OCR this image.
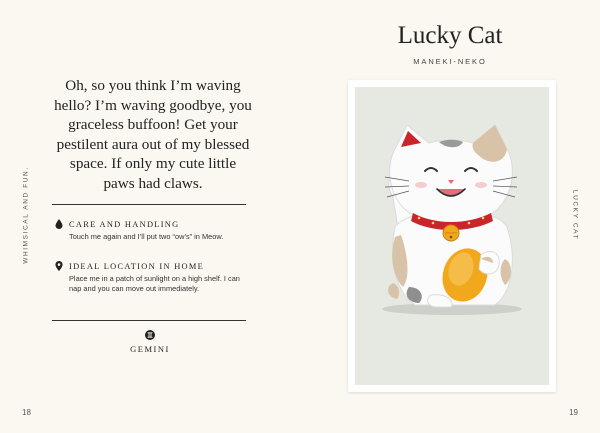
WHIMSICAL AND FUN.
Oh, so you think I’m waving hello? I’m waving goodbye, you graceless buffoon! Get your pestilent aura out of my blessed space. If only my cute little paws had claws.
CARE AND HANDLING
Touch me again and I’ll put two “ow’s” in Meow.
IDEAL LOCATION IN HOME
Place me in a patch of sunlight on a high shelf. I can nap and you can move out immediately.
GEMINI
18
Lucky Cat
MANEKI-NEKO
LUCKY CAT
19
